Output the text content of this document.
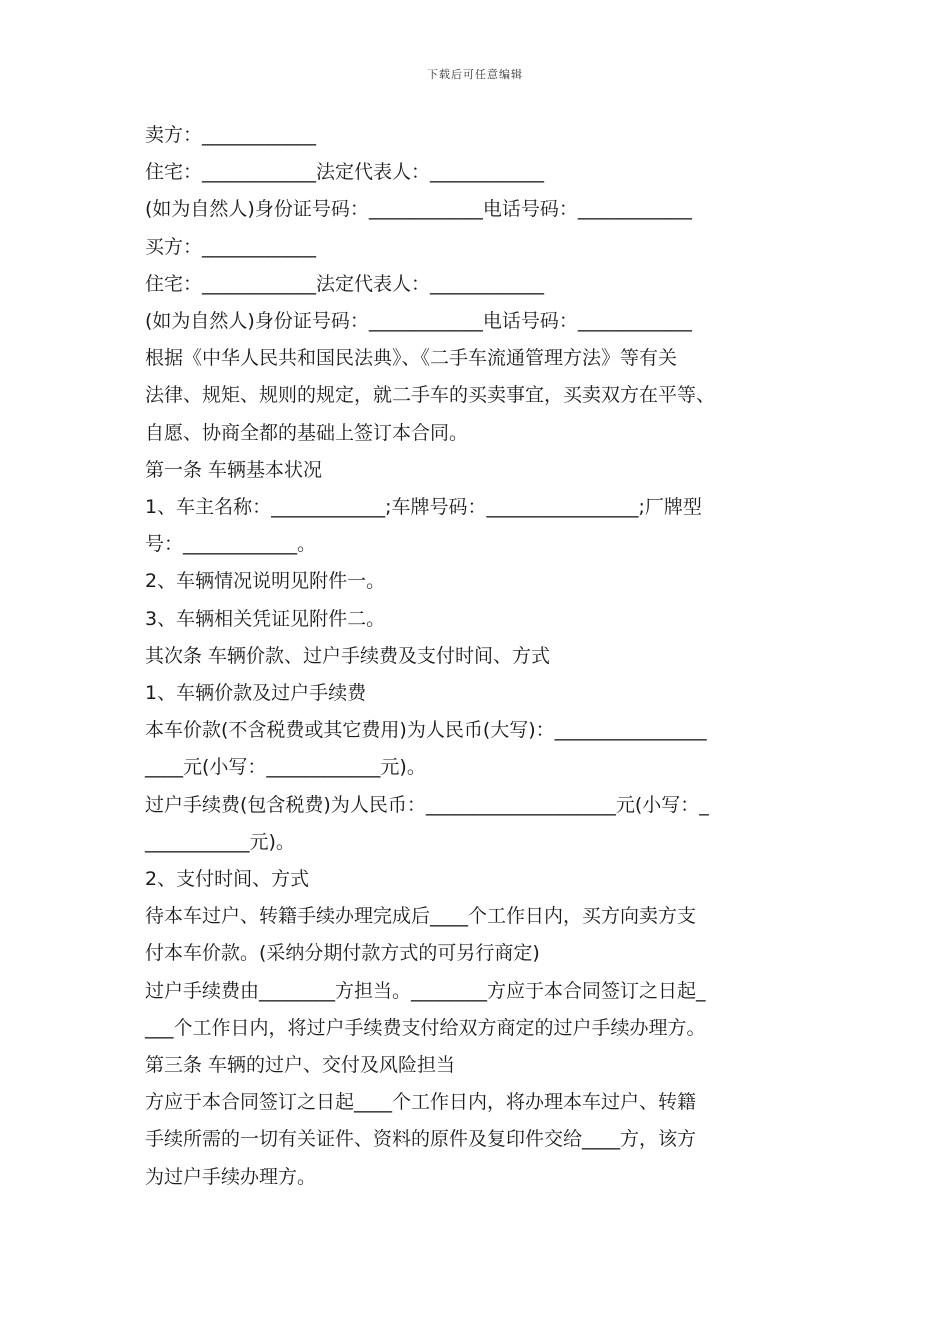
下载后可任意编辑
卖方：____________
住宅：____________法定代表人：____________
(如为自然人)身份证号码：____________电话号码：____________
买方：____________
住宅：____________法定代表人：____________
(如为自然人)身份证号码：____________电话号码：____________
根据《中华人民共和国民法典》、《二手车流通管理方法》等有关
法律、规矩、规则的规定，就二手车的买卖事宜，买卖双方在平等、
自愿、协商全都的基础上签订本合同。
第一条 车辆基本状况
1、车主名称：____________;车牌号码：________________;厂牌型
号：____________。
2、车辆情况说明见附件一。
3、车辆相关凭证见附件二。
其次条 车辆价款、过户手续费及支付时间、方式
1、车辆价款及过户手续费
本车价款(不含税费或其它费用)为人民币(大写)：________________
____元(小写：____________元)。
过户手续费(包含税费)为人民币：____________________元(小写：_
___________元)。
2、支付时间、方式
待本车过户、转籍手续办理完成后____个工作日内，买方向卖方支
付本车价款。(采纳分期付款方式的可另行商定)
过户手续费由________方担当。________方应于本合同签订之日起_
___个工作日内，将过户手续费支付给双方商定的过户手续办理方。
第三条 车辆的过户、交付及风险担当
方应于本合同签订之日起____个工作日内，将办理本车过户、转籍
手续所需的一切有关证件、资料的原件及复印件交给____方，该方
为过户手续办理方。
